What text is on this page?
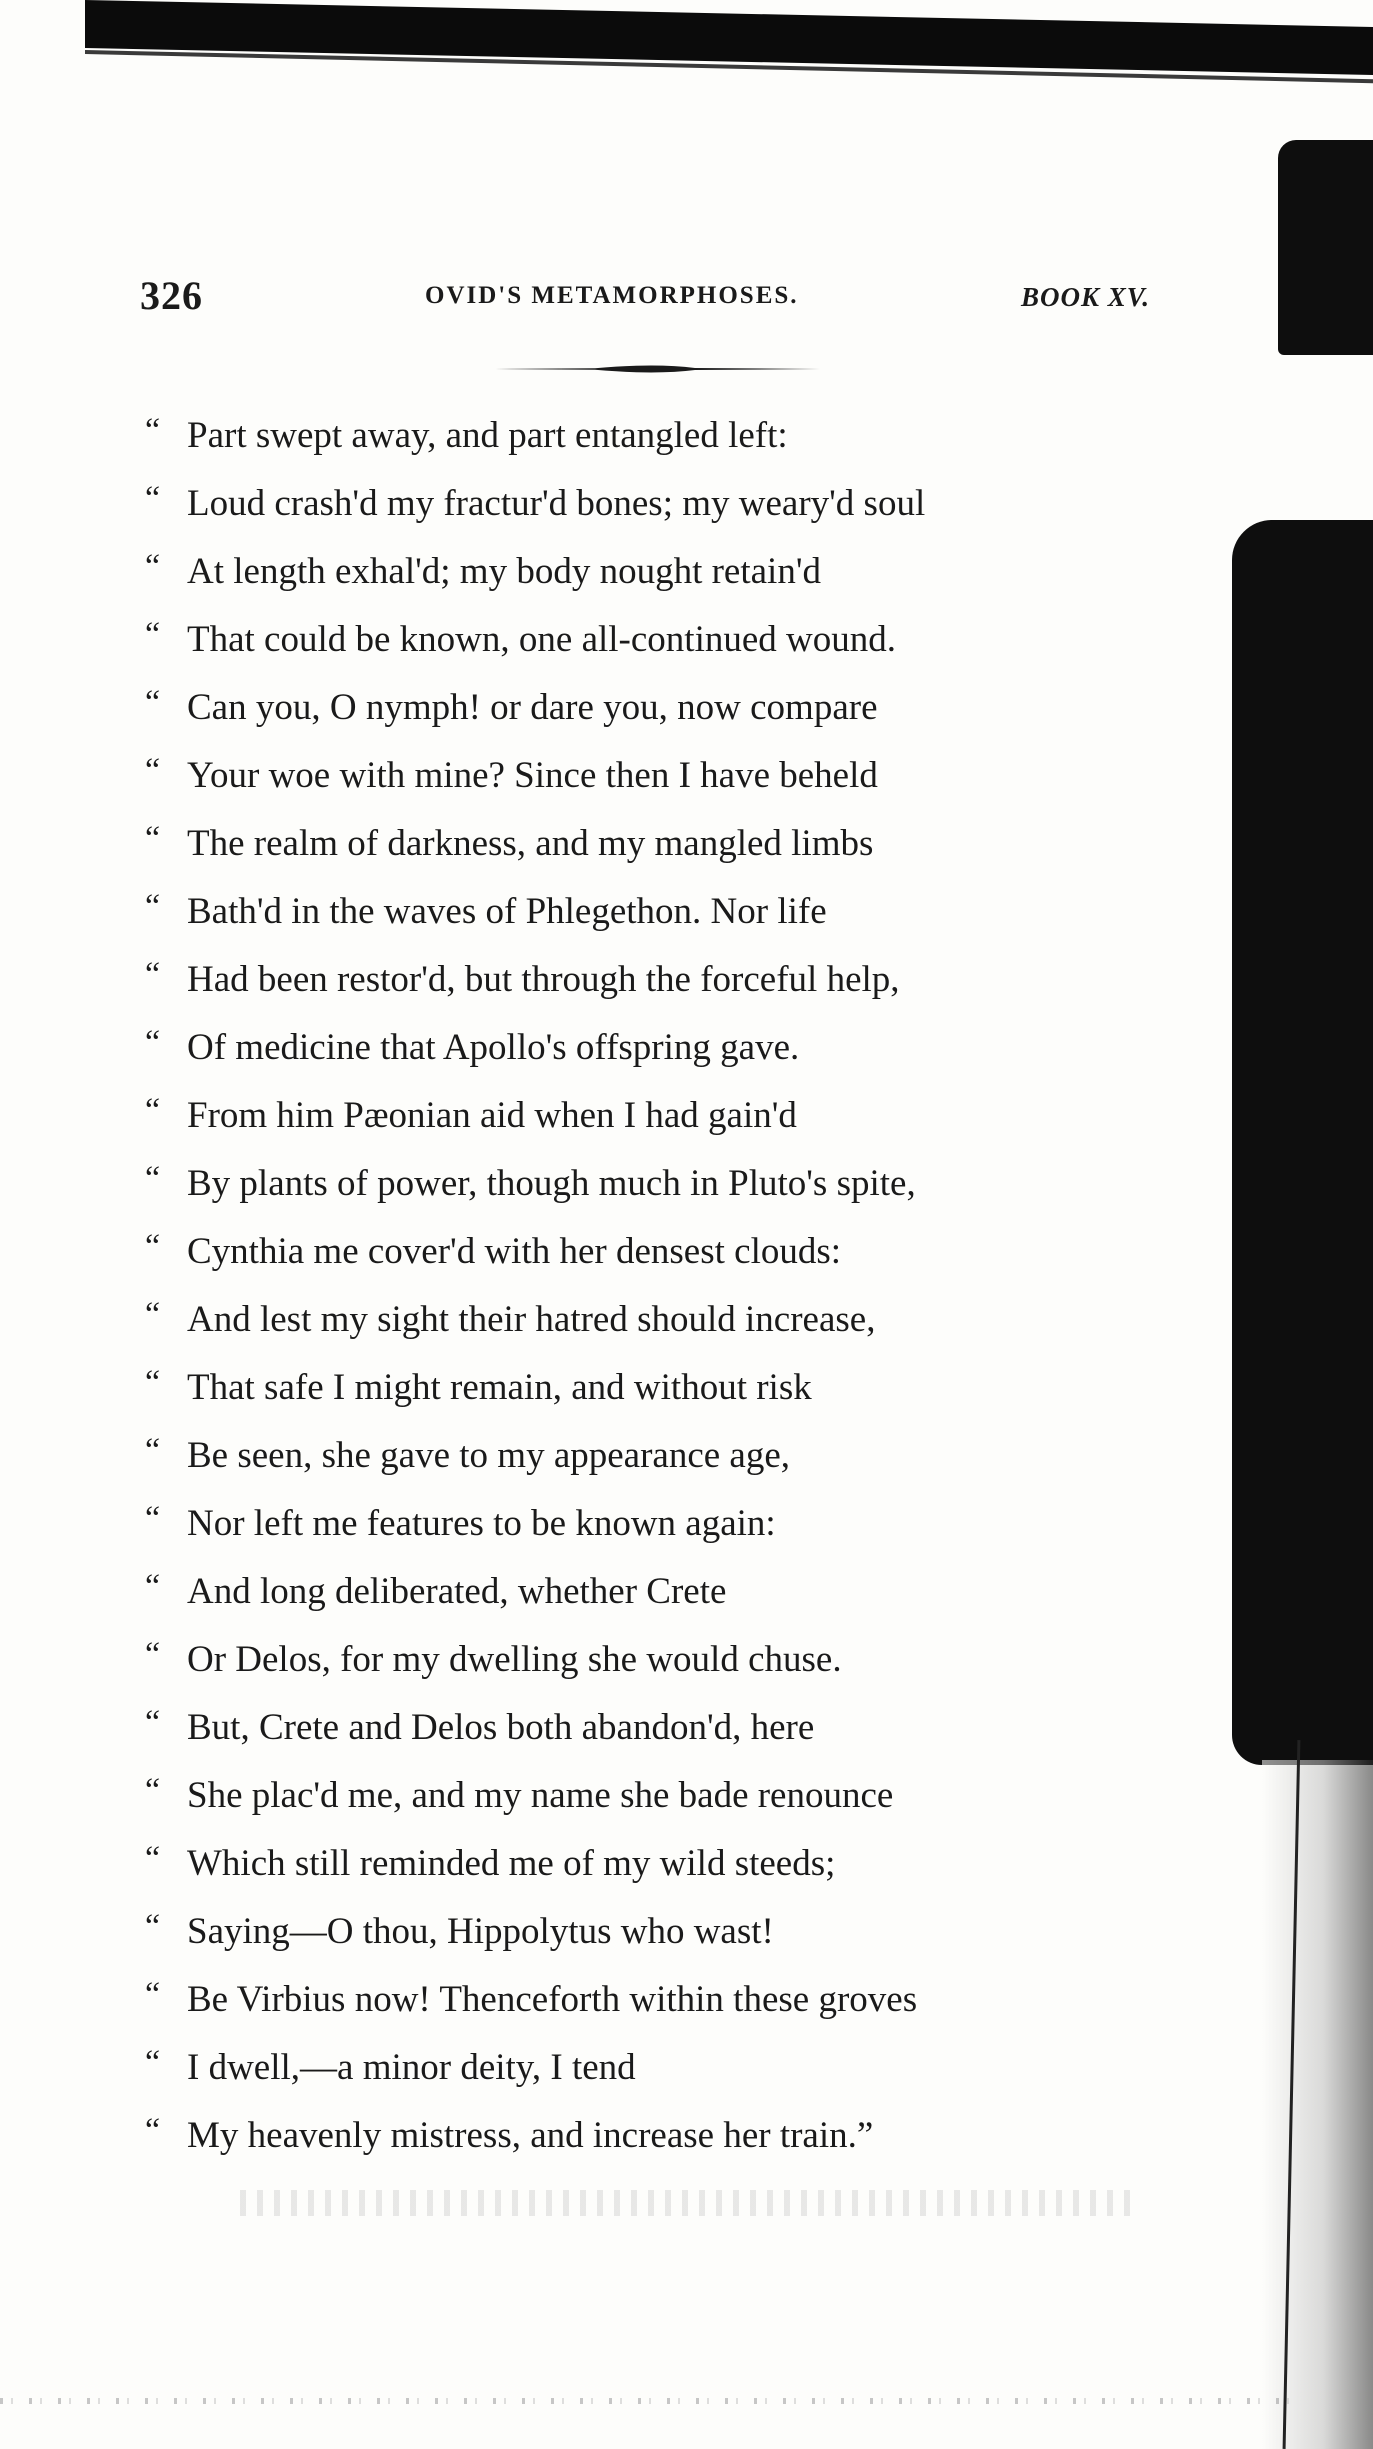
326	OVID'S METAMORPHOSES.	BOOK XV.
“ Part swept away, and part entangled left:
“ Loud crash'd my fractur'd bones; my weary'd soul
“ At length exhal'd; my body nought retain'd
“ That could be known, one all-continued wound.
“ Can you, O nymph! or dare you, now compare
“ Your woe with mine? Since then I have beheld
“ The realm of darkness, and my mangled limbs
“ Bath'd in the waves of Phlegethon. Nor life
“ Had been restor'd, but through the forceful help,
“ Of medicine that Apollo's offspring gave.
“ From him Pæonian aid when I had gain'd
“ By plants of power, though much in Pluto's spite,
“ Cynthia me cover'd with her densest clouds:
“ And lest my sight their hatred should increase,
“ That safe I might remain, and without risk
“ Be seen, she gave to my appearance age,
“ Nor left me features to be known again:
“ And long deliberated, whether Crete
“ Or Delos, for my dwelling she would chuse.
“ But, Crete and Delos both abandon'd, here
“ She plac'd me, and my name she bade renounce
“ Which still reminded me of my wild steeds;
“ Saying—O thou, Hippolytus who wast!
“ Be Virbius now! Thenceforth within these groves
“ I dwell,—a minor deity, I tend
“ My heavenly mistress, and increase her train.”
